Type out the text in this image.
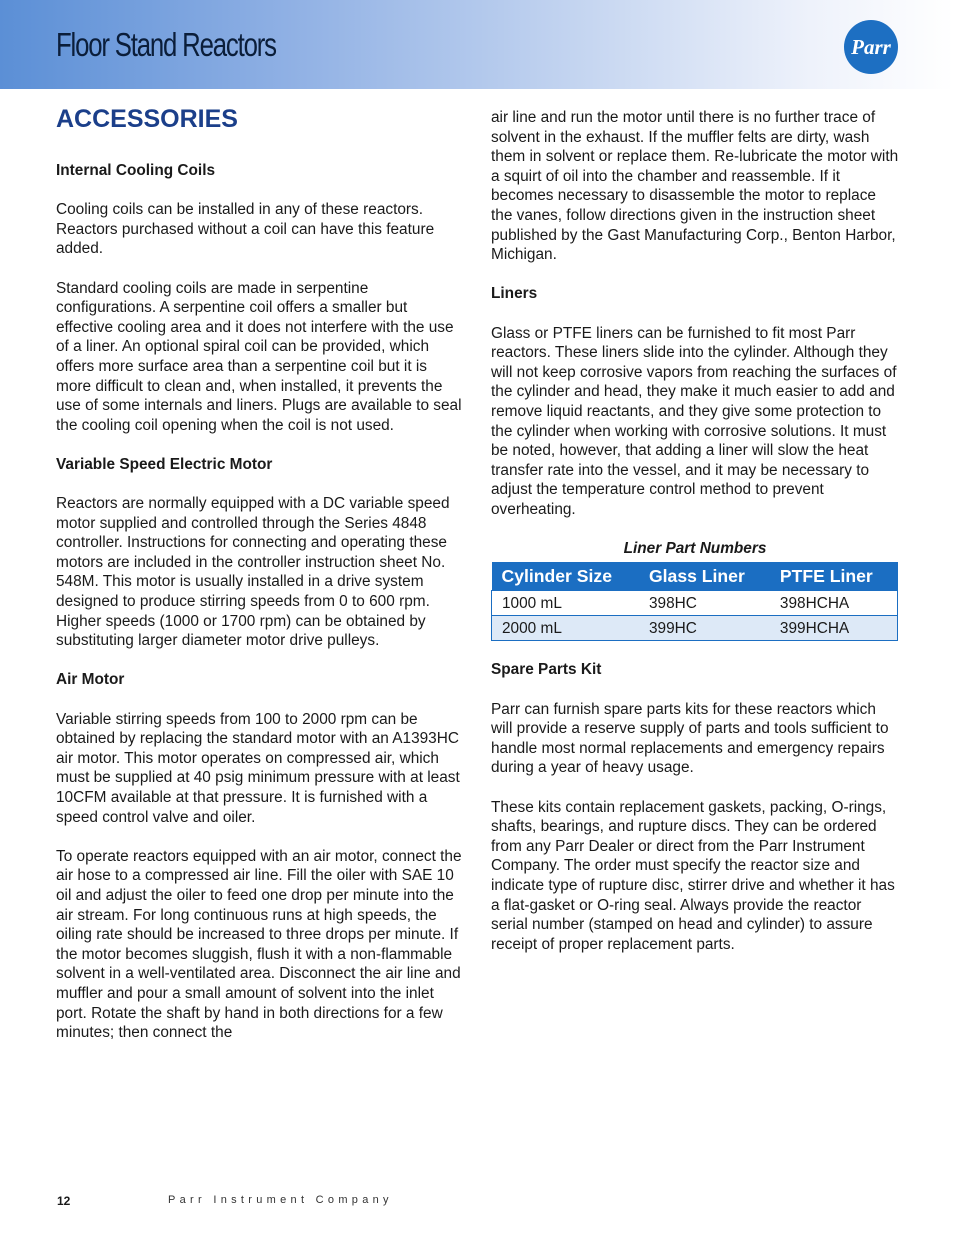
Floor Stand Reactors	Parr
ACCESSORIES
Internal Cooling Coils

Cooling coils can be installed in any of these reactors. Reactors purchased without a coil can have this feature added.

Standard cooling coils are made in serpentine configurations. A serpentine coil offers a smaller but effective cooling area and it does not interfere with the use of a liner. An optional spiral coil can be provided, which offers more surface area than a serpentine coil but it is more difficult to clean and, when installed, it prevents the use of some internals and liners. Plugs are available to seal the cooling coil opening when the coil is not used.

Variable Speed Electric Motor

Reactors are normally equipped with a DC variable speed motor supplied and controlled through the Series 4848 controller. Instructions for connecting and operating these motors are included in the controller instruction sheet No. 548M. This motor is usually installed in a drive system designed to produce stirring speeds from 0 to 600 rpm. Higher speeds (1000 or 1700 rpm) can be obtained by substituting larger diameter motor drive pulleys.

Air Motor

Variable stirring speeds from 100 to 2000 rpm can be obtained by replacing the standard motor with an A1393HC air motor. This motor operates on compressed air, which must be supplied at 40 psig minimum pressure with at least 10CFM available at that pressure. It is furnished with a speed control valve and oiler.

To operate reactors equipped with an air motor, connect the air hose to a compressed air line. Fill the oiler with SAE 10 oil and adjust the oiler to feed one drop per minute into the air stream. For long continuous runs at high speeds, the oiling rate should be increased to three drops per minute. If the motor becomes sluggish, flush it with a non-flammable solvent in a well-ventilated area. Disconnect the air line and muffler and pour a small amount of solvent into the inlet port. Rotate the shaft by hand in both directions for a few minutes; then connect the

air line and run the motor until there is no further trace of solvent in the exhaust. If the muffler felts are dirty, wash them in solvent or replace them. Re-lubricate the motor with a squirt of oil into the chamber and reassemble. If it becomes necessary to disassemble the motor to replace the vanes, follow directions given in the instruction sheet published by the Gast Manufacturing Corp., Benton Harbor, Michigan.

Liners

Glass or PTFE liners can be furnished to fit most Parr reactors. These liners slide into the cylinder. Although they will not keep corrosive vapors from reaching the surfaces of the cylinder and head, they make it much easier to add and remove liquid reactants, and they give some protection to the cylinder when working with corrosive solutions. It must be noted, however, that adding a liner will slow the heat transfer rate into the vessel, and it may be necessary to adjust the temperature control method to prevent overheating.

Liner Part Numbers
Cylinder Size	Glass Liner	PTFE Liner
1000 mL	398HC	398HCHA
2000 mL	399HC	399HCHA
Spare Parts Kit

Parr can furnish spare parts kits for these reactors which will provide a reserve supply of parts and tools sufficient to handle most normal replacements and emergency repairs during a year of heavy usage.

These kits contain replacement gaskets, packing, O-rings, shafts, bearings, and rupture discs. They can be ordered from any Parr Dealer or direct from the Parr Instrument Company. The order must specify the reactor size and indicate type of rupture disc, stirrer drive and whether it has a flat-gasket or O-ring seal. Always provide the reactor serial number (stamped on head and cylinder) to assure receipt of proper replacement parts.

12	Parr Instrument Company
